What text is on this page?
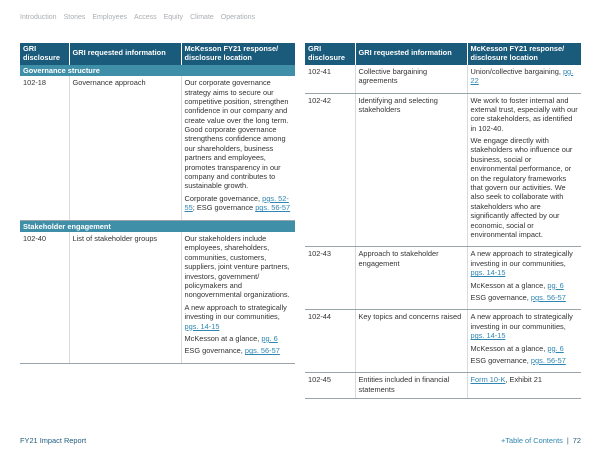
Introduction Stories Employees Access Equity Climate Operations
GRI disclosure	GRI requested information	McKesson FY21 response/ disclosure location
Governance structure		
102-18	Governance approach	Our corporate governance strategy aims to secure our competitive position, strengthen confidence in our company and create value over the long term. Good corporate governance strengthens confidence among our shareholders, business partners and employees, promotes transparency in our company and contributes to sustainable growth.

Corporate governance, pgs. 52-55; ESG governance pgs. 56-57

Stakeholder engagement		
102-40	List of stakeholder groups	Our stakeholders include employees, shareholders, communities, customers, suppliers, joint venture partners, investors, government/ policymakers and nongovernmental organizations.

A new approach to strategically investing in our communities, pgs. 14-15

McKesson at a glance, pg. 6

ESG governance, pgs. 56-57

GRI disclosure	GRI requested information	McKesson FY21 response/ disclosure location
102-41	Collective bargaining agreements	Union/collective bargaining, pg. 22

102-42	Identifying and selecting stakeholders	We work to foster internal and external trust, especially with our core stakeholders, as identified in 102-40.

We engage directly with stakeholders who influence our business, social or environmental performance, or on the regulatory frameworks that govern our activities. We also seek to collaborate with stakeholders who are significantly affected by our economic, social or environmental impact.

102-43	Approach to stakeholder engagement	A new approach to strategically investing in our communities, pgs. 14-15

McKesson at a glance, pg. 6

ESG governance, pgs. 56-57

102-44	Key topics and concerns raised	A new approach to strategically investing in our communities, pgs. 14-15

McKesson at a glance, pg. 6

ESG governance, pgs. 56-57

102-45	Entities included in financial statements	Form 10-K, Exhibit 21

FY21 Impact Report	+Table of Contents | 72
